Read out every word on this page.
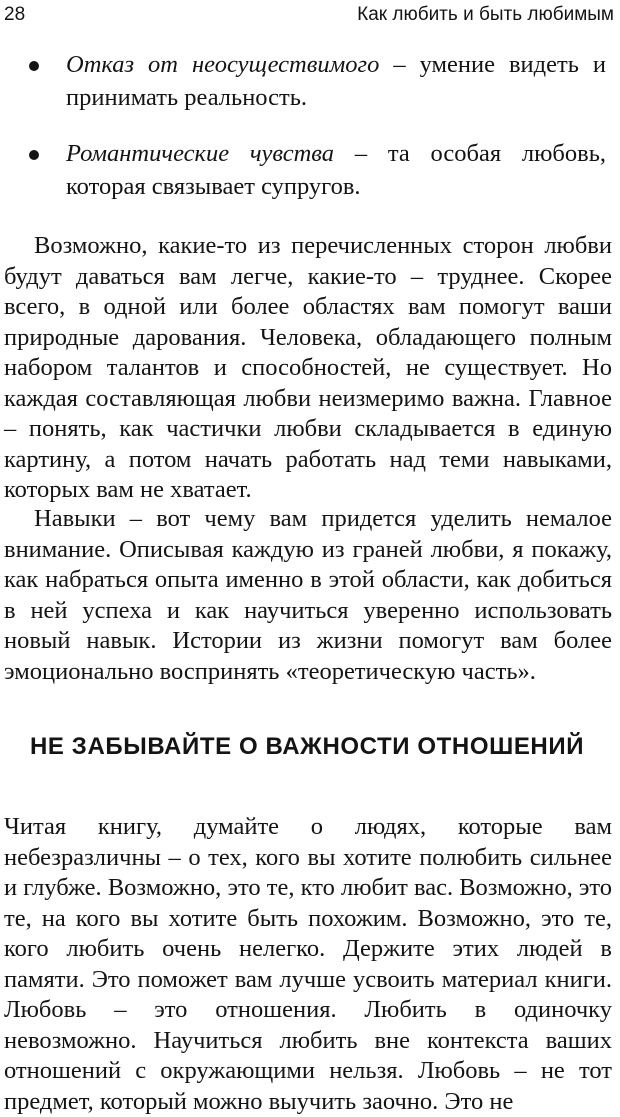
28	Как любить и быть любимым
Отказ от неосуществимого – умение видеть и принимать реальность.
Романтические чувства – та особая любовь, которая связывает супругов.

Возможно, какие-то из перечисленных сторон любви будут даваться вам легче, какие-то – труднее. Скорее всего, в одной или более областях вам помогут ваши природные дарования. Человека, обладающего полным набором талантов и способностей, не существует. Но каждая составляющая любви неизмеримо важна. Главное – понять, как частички любви складывается в единую картину, а потом начать работать над теми навыками, которых вам не хватает.

Навыки – вот чему вам придется уделить немалое внимание. Описывая каждую из граней любви, я покажу, как набраться опыта именно в этой области, как добиться в ней успеха и как научиться уверенно использовать новый навык. Истории из жизни помогут вам более эмоционально воспринять «теоретическую часть».

НЕ ЗАБЫВАЙТЕ О ВАЖНОСТИ ОТНОШЕНИЙ

Читая книгу, думайте о людях, которые вам небезразличны – о тех, кого вы хотите полюбить сильнее и глубже. Возможно, это те, кто любит вас. Возможно, это те, на кого вы хотите быть похожим. Возможно, это те, кого любить очень нелегко. Держите этих людей в памяти. Это поможет вам лучше усвоить материал книги. Любовь – это отношения. Любить в одиночку невозможно. Научиться любить вне контекста ваших отношений с окружающими нельзя. Любовь – не тот предмет, который можно выучить заочно. Это не
